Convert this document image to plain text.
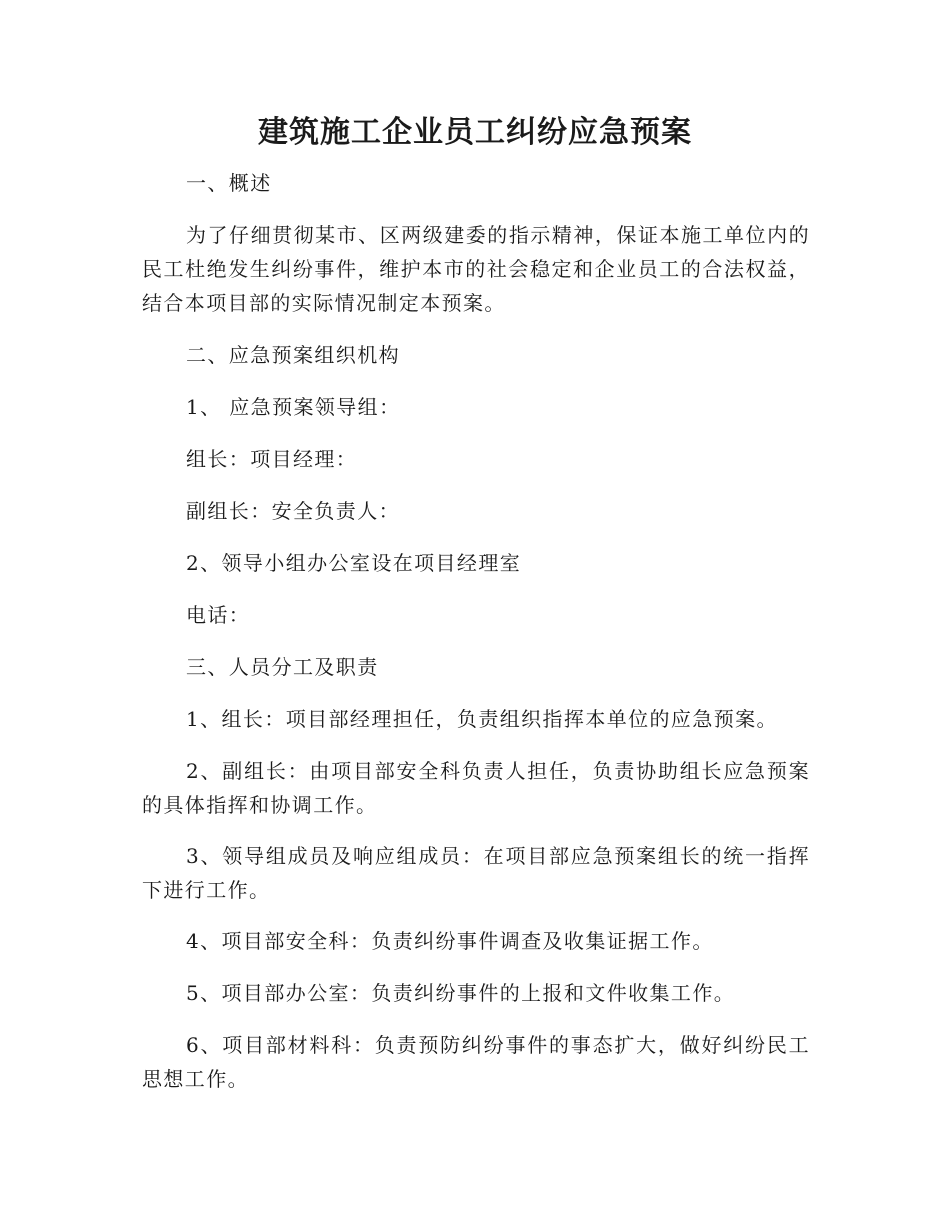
建筑施工企业员工纠纷应急预案

一、概述

为了仔细贯彻某市、区两级建委的指示精神，保证本施工单位内的民工杜绝发生纠纷事件，维护本市的社会稳定和企业员工的合法权益，结合本项目部的实际情况制定本预案。

二、应急预案组织机构

1、 应急预案领导组：

组长：项目经理：

副组长：安全负责人：

2、领导小组办公室设在项目经理室

电话：

三、人员分工及职责

1、组长：项目部经理担任，负责组织指挥本单位的应急预案。

2、副组长：由项目部安全科负责人担任，负责协助组长应急预案的具体指挥和协调工作。

3、领导组成员及响应组成员：在项目部应急预案组长的统一指挥下进行工作。

4、项目部安全科：负责纠纷事件调查及收集证据工作。

5、项目部办公室：负责纠纷事件的上报和文件收集工作。

6、项目部材料科：负责预防纠纷事件的事态扩大，做好纠纷民工思想工作。
